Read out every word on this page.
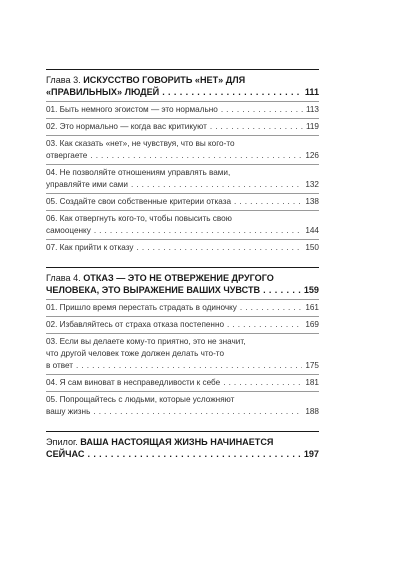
Глава 3.
ИСКУССТВО ГОВОРИТЬ «НЕТ» ДЛЯ
«ПРАВИЛЬНЫХ» ЛЮДЕЙ . . .	111
01. Быть немного эгоистом — это нормально . . .	113
02. Это нормально — когда вас критикуют . . .	119
03. Как сказать «нет», не чувствуя, что вы кого-то
отвергаете . . .	126
04. Не позволяйте отношениям управлять вами,
управляйте ими сами . . .	132
05. Создайте свои собственные критерии отказа . . .	138
06. Как отвергнуть кого-то, чтобы повысить свою
самооценку . . .	144
07. Как прийти к отказу . . .	150
Глава 4.
ОТКАЗ — ЭТО НЕ ОТВЕРЖЕНИЕ ДРУГОГО
ЧЕЛОВЕКА, ЭТО ВЫРАЖЕНИЕ ВАШИХ ЧУВСТВ . . .	159
01. Пришло время перестать страдать в одиночку . . .	161
02. Избавляйтесь от страха отказа постепенно . . .	169
03. Если вы делаете кому-то приятно, это не значит,
что другой человек тоже должен делать что-то
в ответ . . .	175
04. Я сам виноват в несправедливости к себе . . .	181
05. Попрощайтесь с людьми, которые усложняют
вашу жизнь . . .	188
Эпилог.
ВАША НАСТОЯЩАЯ ЖИЗНЬ НАЧИНАЕТСЯ
СЕЙЧАС . . .	197
